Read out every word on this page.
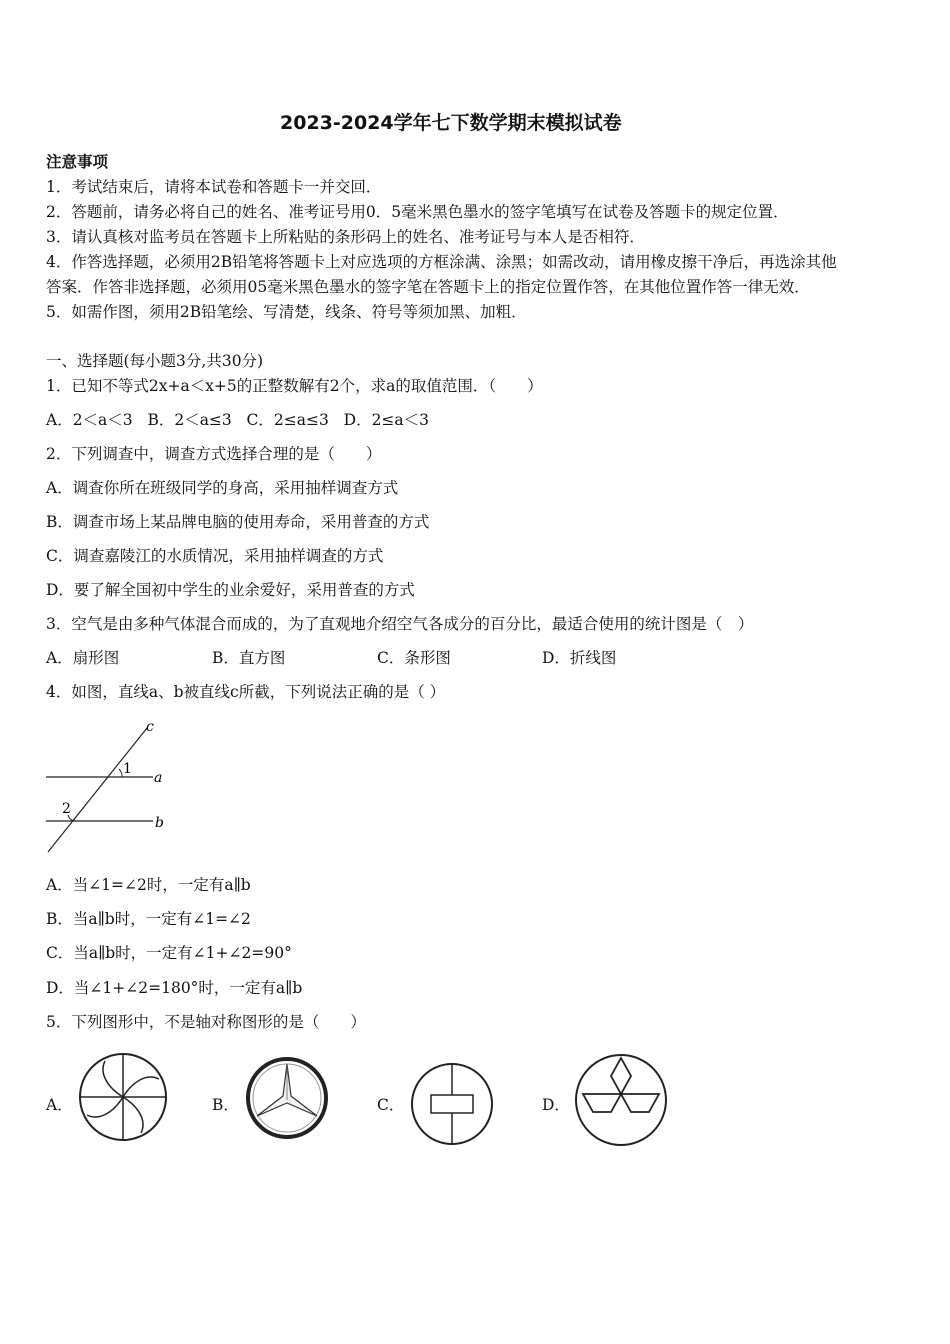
2023-2024学年七下数学期末模拟试卷
注意事项
1．考试结束后，请将本试卷和答题卡一并交回．
2．答题前，请务必将自己的姓名、准考证号用0．5毫米黑色墨水的签字笔填写在试卷及答题卡的规定位置．
3．请认真核对监考员在答题卡上所粘贴的条形码上的姓名、准考证号与本人是否相符．
4．作答选择题，必须用2B铅笔将答题卡上对应选项的方框涂满、涂黑；如需改动，请用橡皮擦干净后，再选涂其他
答案．作答非选择题，必须用05毫米黑色墨水的签字笔在答题卡上的指定位置作答，在其他位置作答一律无效．
5．如需作图，须用2B铅笔绘、写清楚，线条、符号等须加黑、加粗．
一、选择题(每小题3分,共30分)
1．已知不等式2x+a＜x+5的正整数解有2个，求a的取值范围．（　　）
A．2＜a＜3   B．2＜a≤3   C．2≤a≤3   D．2≤a＜3
2．下列调查中，调查方式选择合理的是（　　）
A．调查你所在班级同学的身高，采用抽样调查方式
B．调查市场上某品牌电脑的使用寿命，采用普查的方式
C．调查嘉陵江的水质情况，采用抽样调查的方式
D．要了解全国初中学生的业余爱好，采用普查的方式
3．空气是由多种气体混合而成的，为了直观地介绍空气各成分的百分比，最适合使用的统计图是（　）
A．扇形图	B．直方图	C．条形图	D．折线图
4．如图，直线a、b被直线c所截，下列说法正确的是（ ）
c
1
a
2
b
A．当∠1=∠2时，一定有a∥b
B．当a∥b时，一定有∠1=∠2
C．当a∥b时，一定有∠1+∠2=90°
D．当∠1+∠2=180°时，一定有a∥b
5．下列图形中，不是轴对称图形的是（　　）
A．	B．	C．	D．
